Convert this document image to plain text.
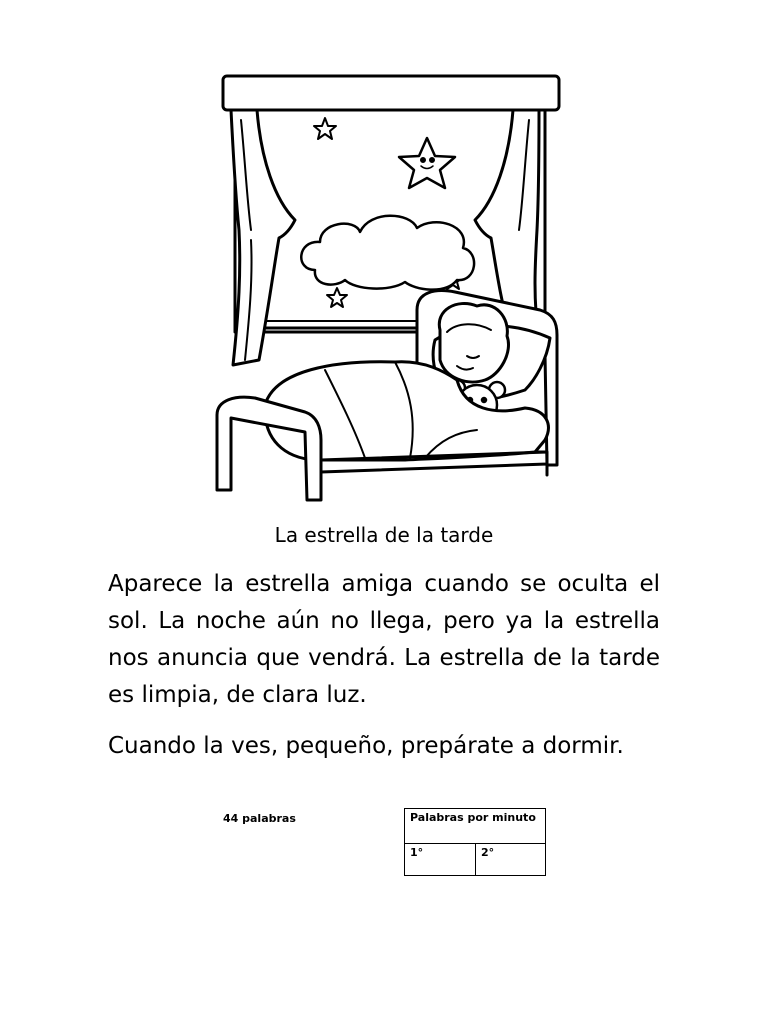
La estrella de la tarde

Aparece la estrella amiga cuando se oculta el sol. La noche aún no llega, pero ya la estrella nos anuncia que vendrá. La estrella de la tarde es limpia, de clara luz.

Cuando la ves, pequeño, prepárate a dormir.

44 palabras	Palabras por minuto
1°	2°
